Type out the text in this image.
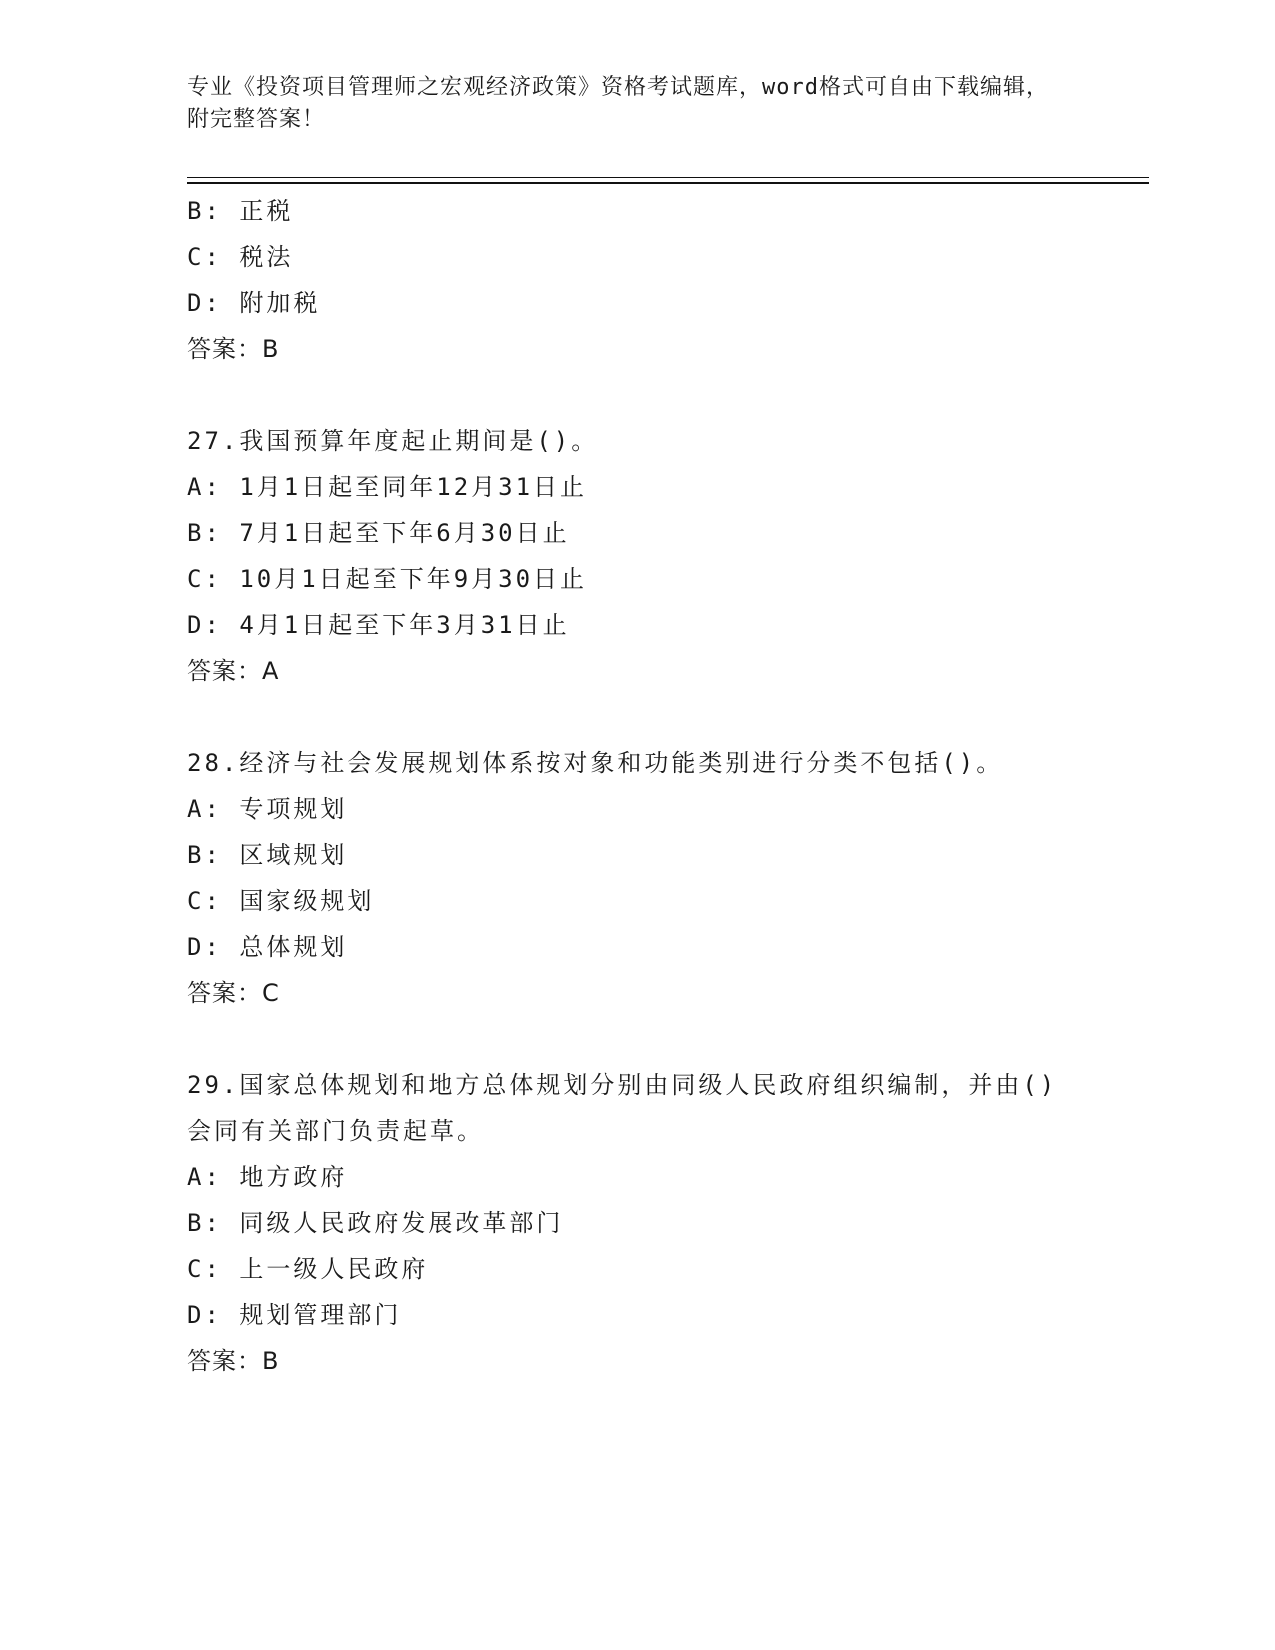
专业《投资项目管理师之宏观经济政策》资格考试题库，word格式可自由下载编辑，附完整答案！
B: 正税
C: 税法
D: 附加税
答案：B
27.我国预算年度起止期间是()。
A: 1月1日起至同年12月31日止
B: 7月1日起至下年6月30日止
C: 10月1日起至下年9月30日止
D: 4月1日起至下年3月31日止
答案：A
28.经济与社会发展规划体系按对象和功能类别进行分类不包括()。
A: 专项规划
B: 区域规划
C: 国家级规划
D: 总体规划
答案：C
29.国家总体规划和地方总体规划分别由同级人民政府组织编制，并由()会同有关部门负责起草。
A: 地方政府
B: 同级人民政府发展改革部门
C: 上一级人民政府
D: 规划管理部门
答案：B
